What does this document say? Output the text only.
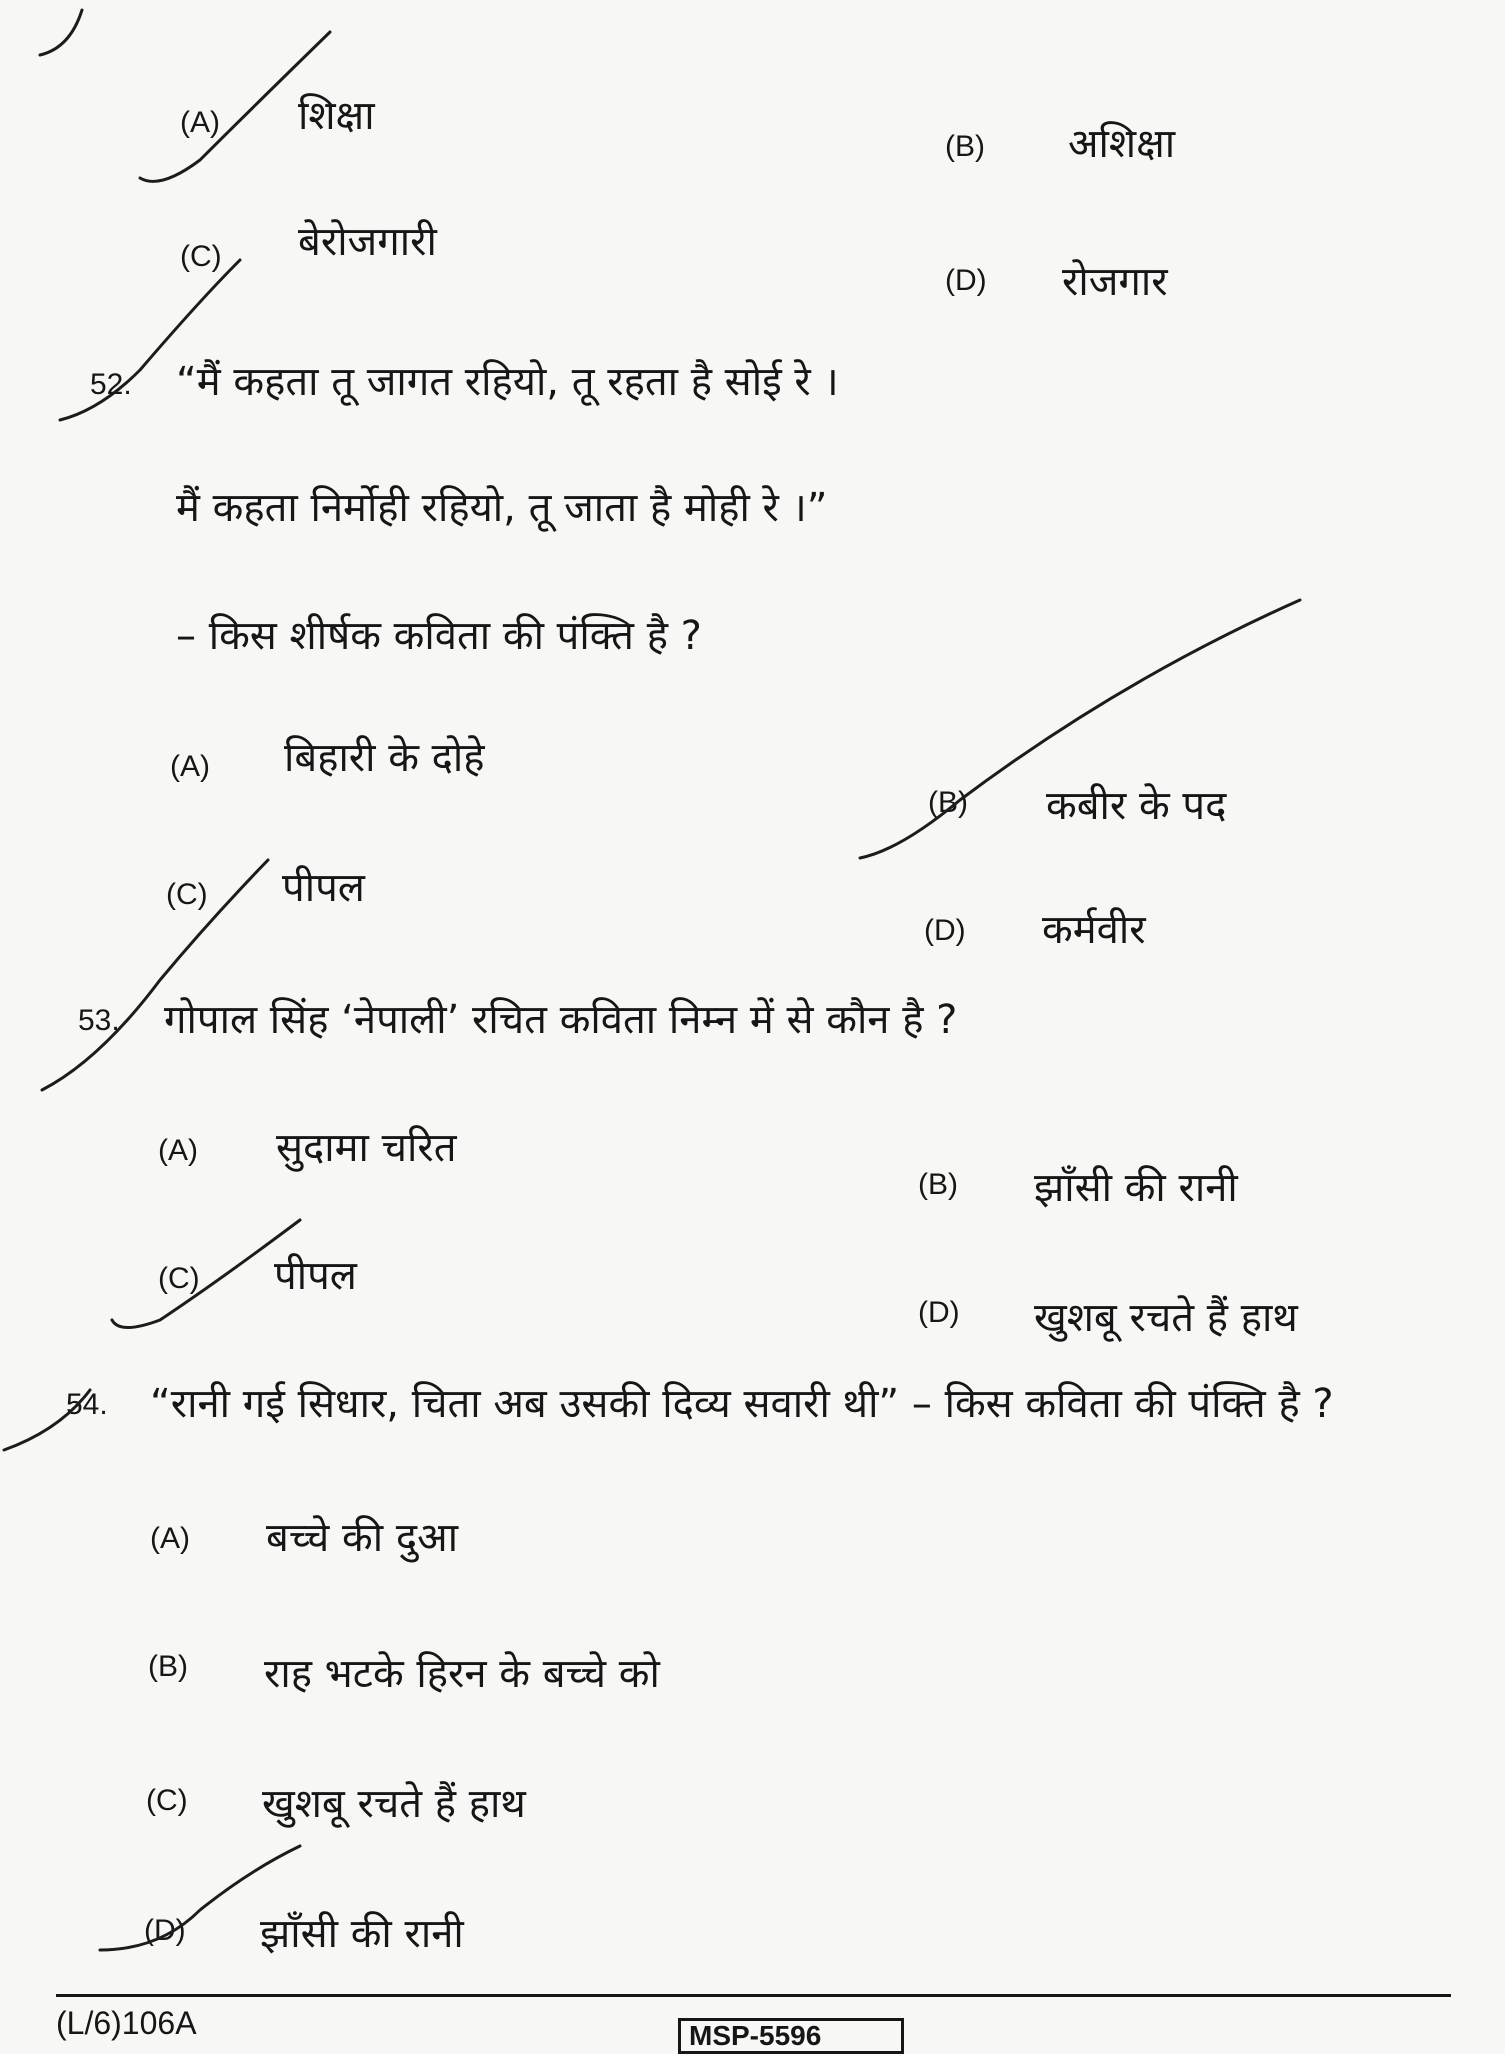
(A) शिक्षा
(B) अशिक्षा
(C) बेरोजगारी
(D) रोजगार
52. “मैं कहता तू जागत रहियो, तू रहता है सोई रे ।
मैं कहता निर्मोही रहियो, तू जाता है मोही रे ।”
– किस शीर्षक कविता की पंक्ति है ?
(A) बिहारी के दोहे
(B) कबीर के पद
(C) पीपल
(D) कर्मवीर
53. गोपाल सिंह ‘नेपाली’ रचित कविता निम्न में से कौन है ?
(A) सुदामा चरित
(B) झाँसी की रानी
(C) पीपल
(D) खुशबू रचते हैं हाथ
54. “रानी गई सिधार, चिता अब उसकी दिव्य सवारी थी” – किस कविता की पंक्ति है ?
(A) बच्चे की दुआ
(B) राह भटके हिरन के बच्चे को
(C) खुशबू रचते हैं हाथ
(D) झाँसी की रानी
(L/6)106A	MSP-5596
